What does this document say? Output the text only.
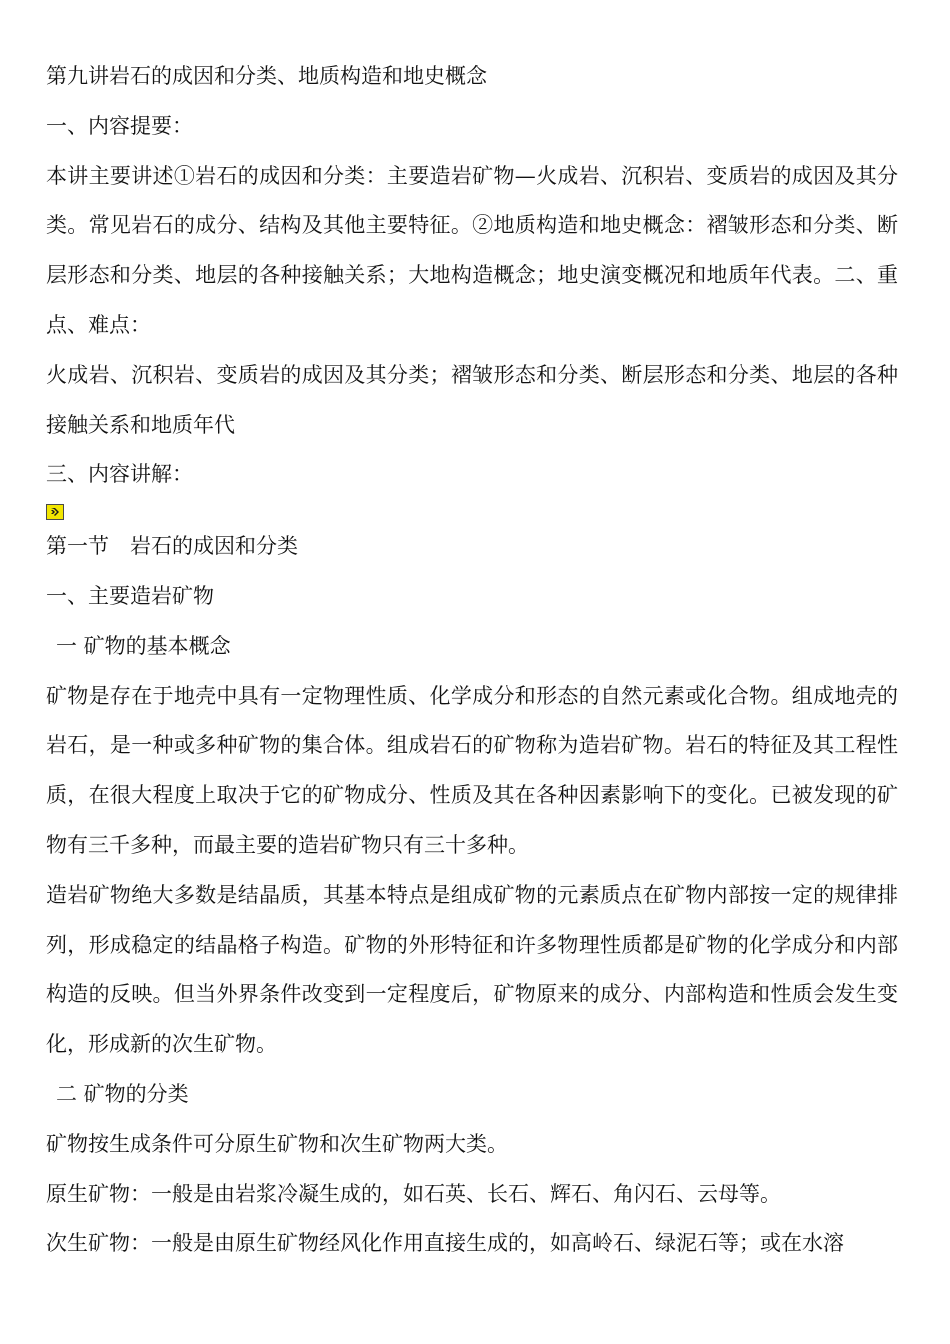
第九讲岩石的成因和分类、地质构造和地史概念
一、内容提要：
本讲主要讲述①岩石的成因和分类：主要造岩矿物—火成岩、沉积岩、变质岩的成因及其分类。常见岩石的成分、结构及其他主要特征。②地质构造和地史概念：褶皱形态和分类、断层形态和分类、地层的各种接触关系；大地构造概念；地史演变概况和地质年代表。二、重点、难点：
火成岩、沉积岩、变质岩的成因及其分类；褶皱形态和分类、断层形态和分类、地层的各种接触关系和地质年代
三、内容讲解：
第一节　岩石的成因和分类
一、主要造岩矿物
一 矿物的基本概念
矿物是存在于地壳中具有一定物理性质、化学成分和形态的自然元素或化合物。组成地壳的岩石，是一种或多种矿物的集合体。组成岩石的矿物称为造岩矿物。岩石的特征及其工程性质，在很大程度上取决于它的矿物成分、性质及其在各种因素影响下的变化。已被发现的矿物有三千多种，而最主要的造岩矿物只有三十多种。
造岩矿物绝大多数是结晶质，其基本特点是组成矿物的元素质点在矿物内部按一定的规律排列，形成稳定的结晶格子构造。矿物的外形特征和许多物理性质都是矿物的化学成分和内部构造的反映。但当外界条件改变到一定程度后，矿物原来的成分、内部构造和性质会发生变化，形成新的次生矿物。
二 矿物的分类
矿物按生成条件可分原生矿物和次生矿物两大类。
原生矿物：一般是由岩浆冷凝生成的，如石英、长石、辉石、角闪石、云母等。
次生矿物：一般是由原生矿物经风化作用直接生成的，如高岭石、绿泥石等；或在水溶
